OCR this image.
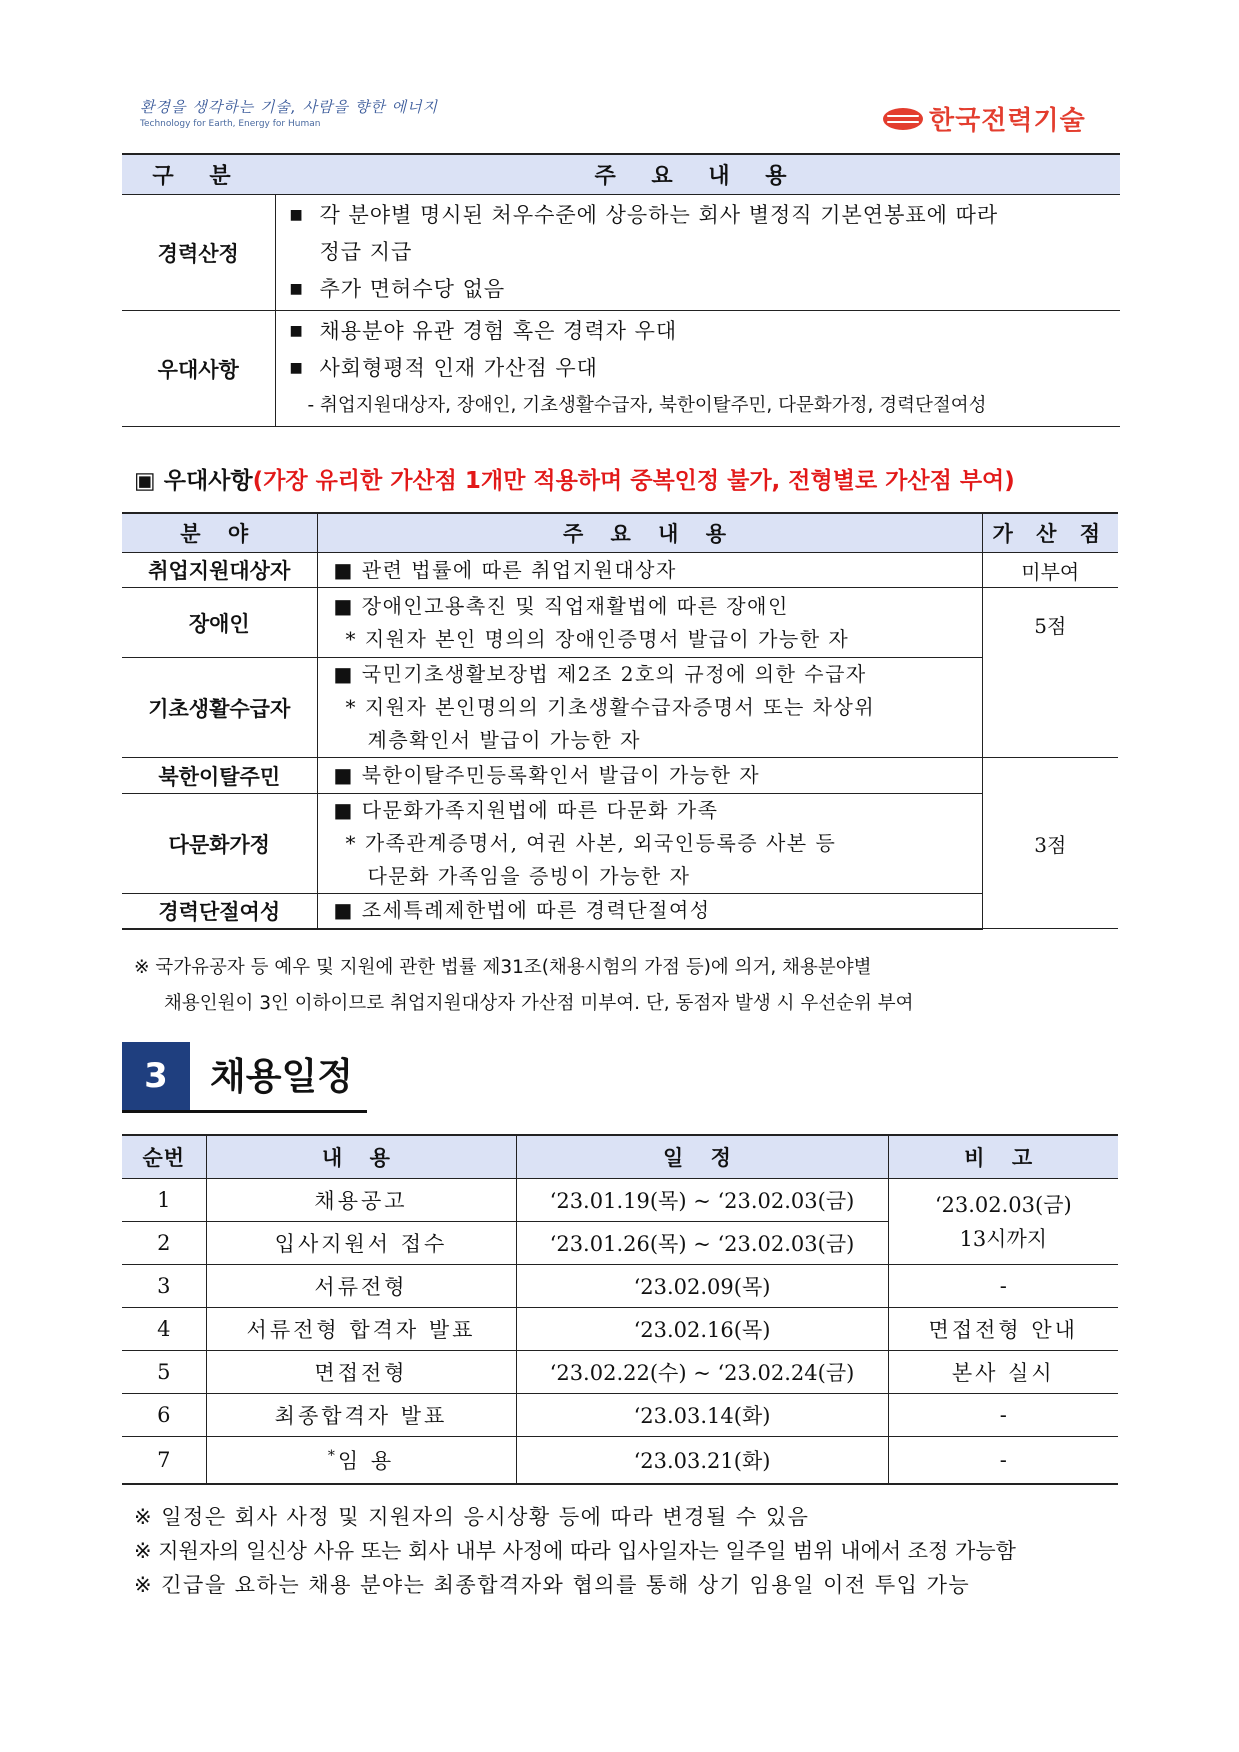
환경을 생각하는 기술, 사람을 향한 에너지
Technology for Earth, Energy for Human	한국전력기술
구 분	주 요 내 용
경력산정	■ 각 분야별 명시된 처우수준에 상응하는 회사 별정직 기본연봉표에 따라
정급 지급
■ 추가 면허수당 없음

우대사항	■ 채용분야 유관 경험 혹은 경력자 우대
■ 사회형평적 인재 가산점 우대
- 취업지원대상자, 장애인, 기초생활수급자, 북한이탈주민, 다문화가정, 경력단절여성
▣ 우대사항(가장 유리한 가산점 1개만 적용하며 중복인정 불가, 전형별로 가산점 부여)
분 야	주 요 내 용	가 산 점
취업지원대상자	■ 관련 법률에 따른 취업지원대상자	미부여
장애인	■ 장애인고용촉진 및 직업재활법에 따른 장애인
* 지원자 본인 명의의 장애인증명서 발급이 가능한 자	5점
기초생활수급자	■ 국민기초생활보장법 제2조 2호의 규정에 의한 수급자
* 지원자 본인명의의 기초생활수급자증명서 또는 차상위
계층확인서 발급이 가능한 자	

북한이탈주민	■ 북한이탈주민등록확인서 발급이 가능한 자	3점
다문화가정	■ 다문화가족지원법에 따른 다문화 가족
* 가족관계증명서, 여권 사본, 외국인등록증 사본 등
다문화 가족임을 증빙이 가능한 자	

경력단절여성	■ 조세특례제한법에 따른 경력단절여성	
※ 국가유공자 등 예우 및 지원에 관한 법률 제31조(채용시험의 가점 등)에 의거, 채용분야별
채용인원이 3인 이하이므로 취업지원대상자 가산점 미부여. 단, 동점자 발생 시 우선순위 부여
3	채용일정
순번	내 용	일 정	비 고
1	채용공고	‘23.01.19(목) ~ ‘23.02.03(금)	‘23.02.03(금)
13시까지

2	입사지원서 접수	‘23.01.26(목) ~ ‘23.02.03(금)	
3	서류전형	‘23.02.09(목)	-
4	서류전형 합격자 발표	‘23.02.16(목)	면접전형 안내
5	면접전형	‘23.02.22(수) ~ ‘23.02.24(금)	본사 실시
6	최종합격자 발표	‘23.03.14(화)	-
7	*임 용	‘23.03.21(화)	-
※ 일정은 회사 사정 및 지원자의 응시상황 등에 따라 변경될 수 있음
※ 지원자의 일신상 사유 또는 회사 내부 사정에 따라 입사일자는 일주일 범위 내에서 조정 가능함
※ 긴급을 요하는 채용 분야는 최종합격자와 협의를 통해 상기 임용일 이전 투입 가능
